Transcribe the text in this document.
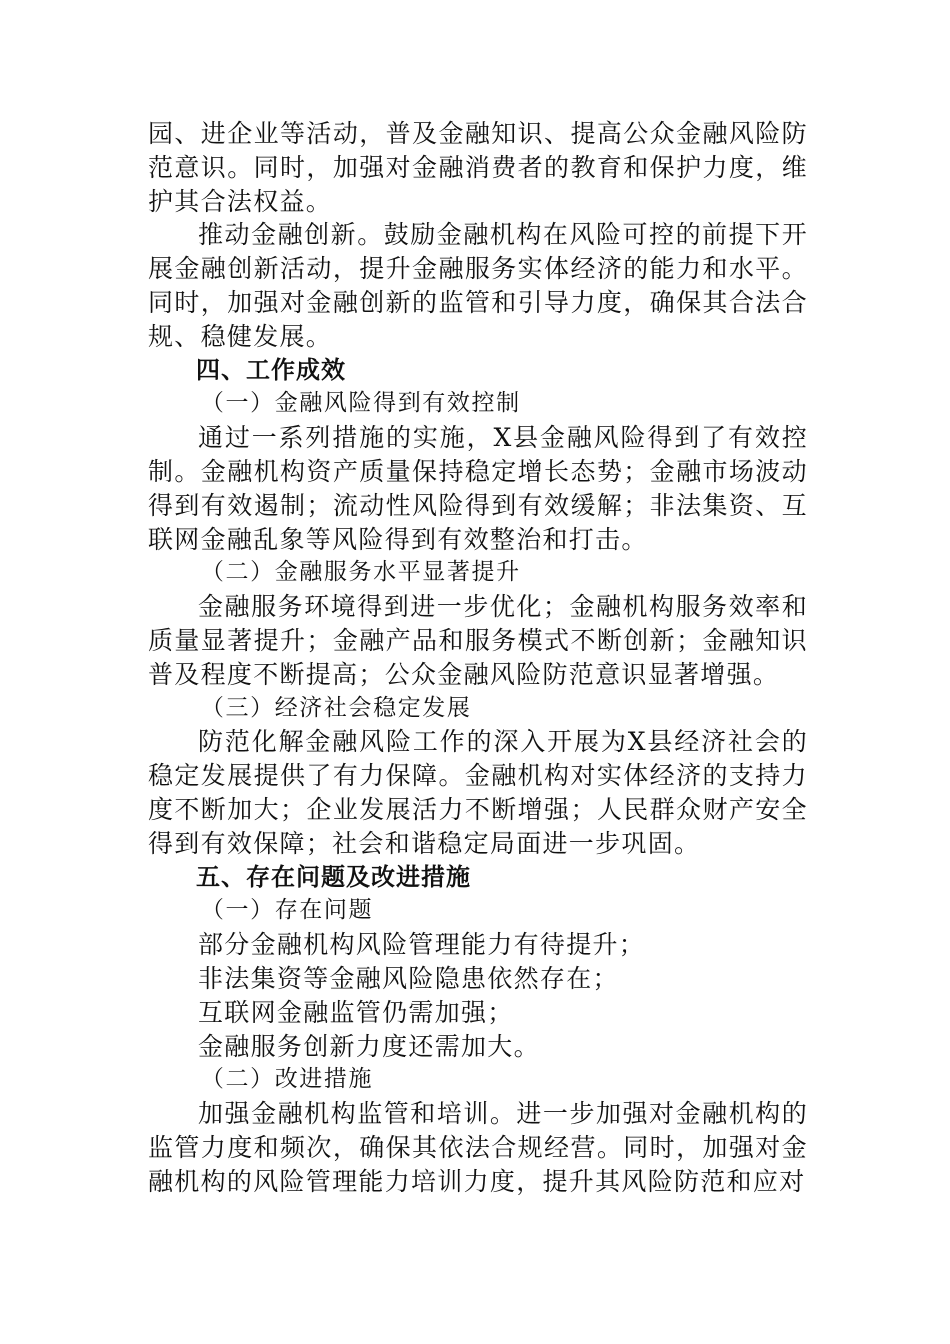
园、进企业等活动，普及金融知识、提高公众金融风险防范意识。同时，加强对金融消费者的教育和保护力度，维护其合法权益。

推动金融创新。鼓励金融机构在风险可控的前提下开展金融创新活动，提升金融服务实体经济的能力和水平。同时，加强对金融创新的监管和引导力度，确保其合法合规、稳健发展。

四、工作成效

（一）金融风险得到有效控制

通过一系列措施的实施，X县金融风险得到了有效控制。金融机构资产质量保持稳定增长态势；金融市场波动得到有效遏制；流动性风险得到有效缓解；非法集资、互联网金融乱象等风险得到有效整治和打击。

（二）金融服务水平显著提升

金融服务环境得到进一步优化；金融机构服务效率和质量显著提升；金融产品和服务模式不断创新；金融知识普及程度不断提高；公众金融风险防范意识显著增强。

（三）经济社会稳定发展

防范化解金融风险工作的深入开展为X县经济社会的稳定发展提供了有力保障。金融机构对实体经济的支持力度不断加大；企业发展活力不断增强；人民群众财产安全得到有效保障；社会和谐稳定局面进一步巩固。

五、存在问题及改进措施

（一）存在问题

部分金融机构风险管理能力有待提升；

非法集资等金融风险隐患依然存在；

互联网金融监管仍需加强；

金融服务创新力度还需加大。

（二）改进措施

加强金融机构监管和培训。进一步加强对金融机构的监管力度和频次，确保其依法合规经营。同时，加强对金融机构的风险管理能力培训力度，提升其风险防范和应对
